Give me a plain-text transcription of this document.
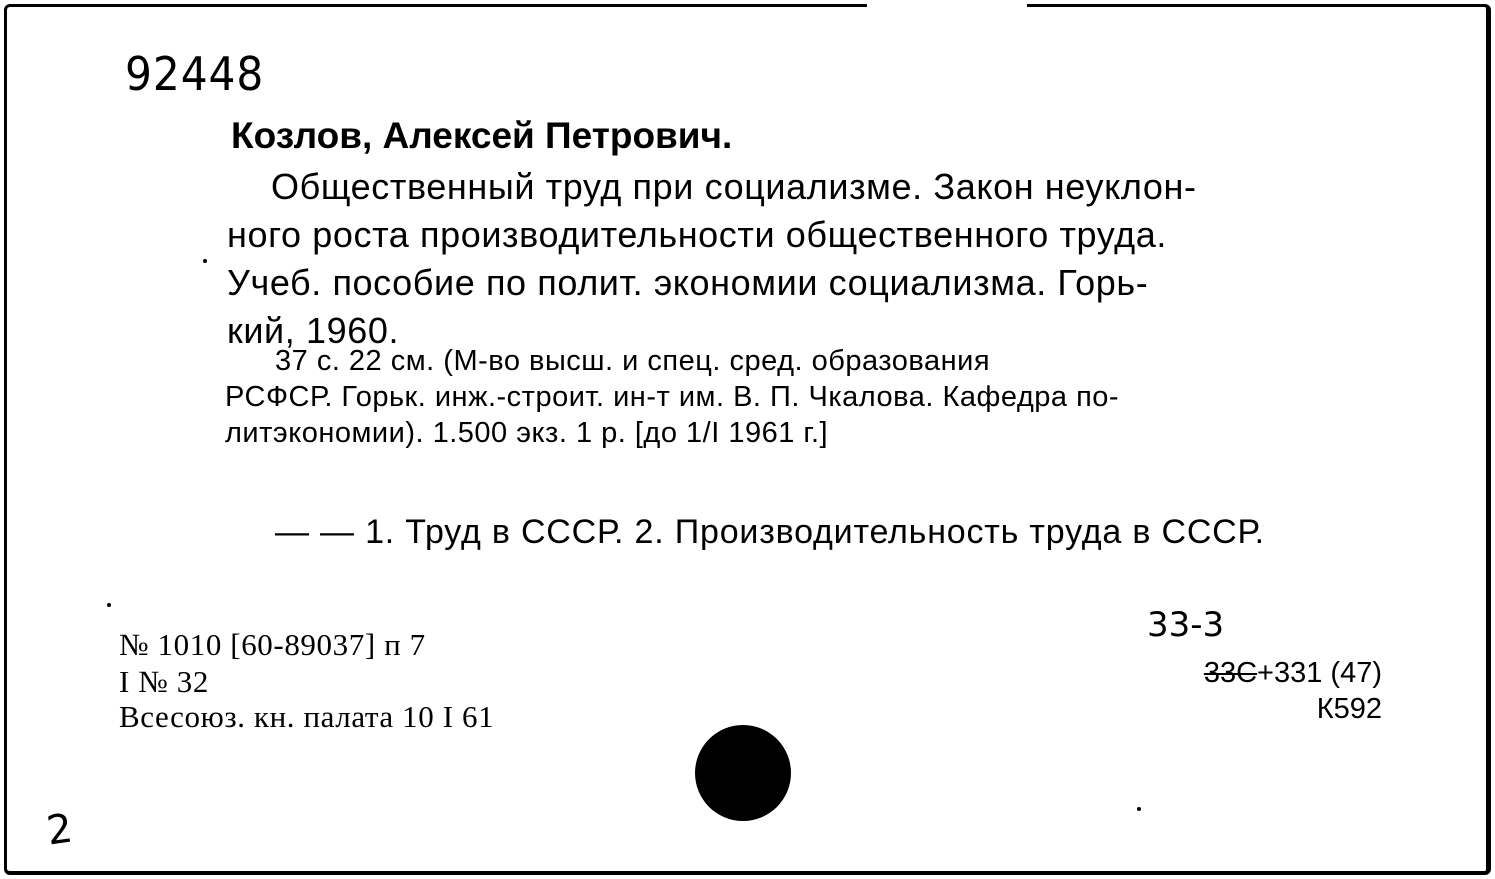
92448
Козлов, Алексей Петрович.
Общественный труд при социализме. Закон неуклон-
ного роста производительности общественного труда.
Учеб. пособие по полит. экономии социализма. Горь-
кий, 1960.
37 с. 22 см. (М-во высш. и спец. сред. образования
РСФСР. Горьк. инж.-строит. ин-т им. В. П. Чкалова. Кафедра по-
литэкономии). 1.500 экз. 1 р. [до 1/I 1961 г.]
— — 1. Труд в СССР. 2. Производительность труда в СССР.
№ 1010 [60-89037] п 7
I № 32
Всесоюз. кн. палата 10 I 61
33-3
33С+331 (47)
К592
2
